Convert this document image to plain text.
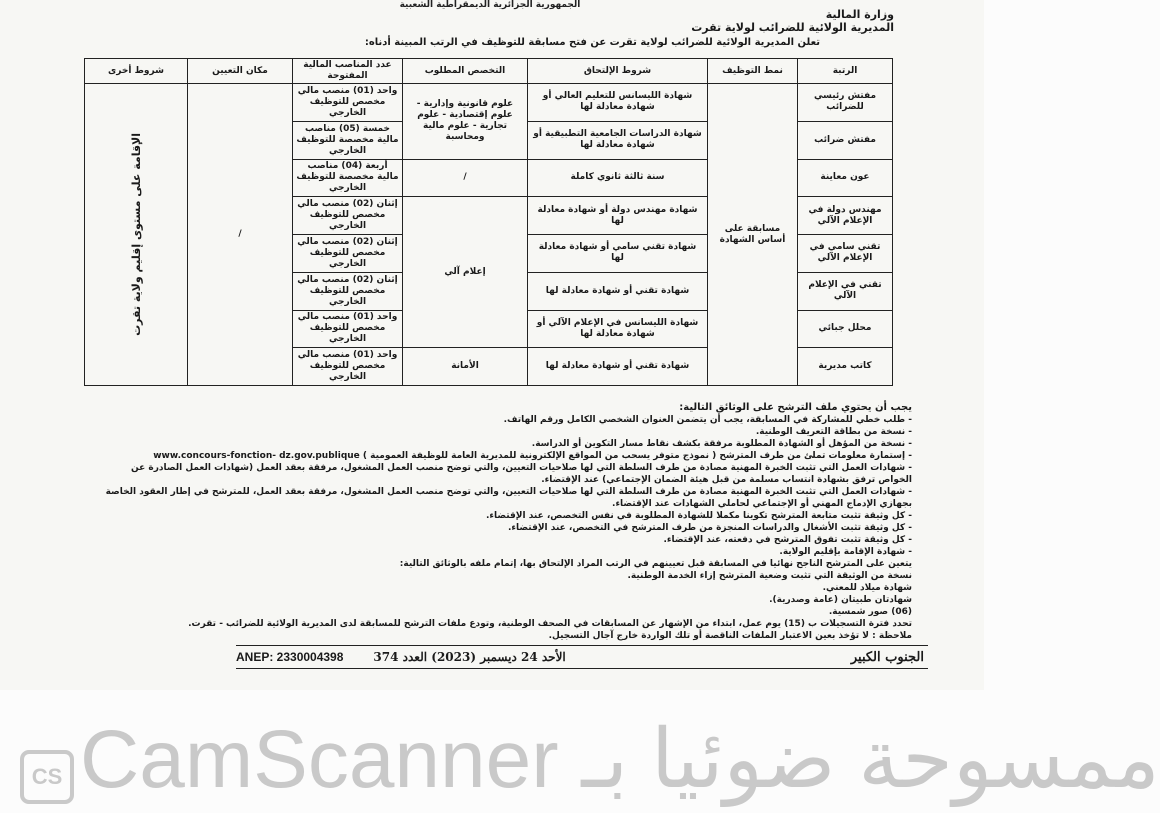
الجمهورية الجزائرية الديمقراطية الشعبية
وزارة المالية
المديرية الولائية للضرائب لولاية تقرت
تعلن المديرية الولائية للضرائب لولاية تقرت عن فتح مسابقة للتوظيف في الرتب المبينة أدناه:
الرتبة	نمط التوظيف	شروط الإلتحاق	التخصص المطلوب	عدد المناصب المالية المفتوحة	مكان التعيين	شروط أخرى
مفتش رئيسي للضرائب	مسابقة على أساس الشهادة	شهادة الليسانس للتعليم العالي أو شهادة معادلة لها	علوم قانونية وإدارية - علوم إقتصادية - علوم تجارية - علوم مالية ومحاسبة	واحد (01) منصب مالي مخصص للتوظيف الخارجي	/	الإقامة على مستوى إقليم ولاية تقرت

مفتش ضرائب		شهادة الدراسات الجامعية التطبيقية أو شهادة معادلة لها		خمسة (05) مناصب مالية مخصصة للتوظيف الخارجي		
عون معاينة		سنة ثالثة ثانوي كاملة	/	أربعة (04) مناصب مالية مخصصة للتوظيف الخارجي		
مهندس دولة في الإعلام الآلي		شهادة مهندس دولة أو شهادة معادلة لها	إعلام آلي	إثنان (02) منصب مالي مخصص للتوظيف الخارجي		
تقني سامي في الإعلام الآلي		شهادة تقني سامي أو شهادة معادلة لها		إثنان (02) منصب مالي مخصص للتوظيف الخارجي		
تقني في الإعلام الآلي		شهادة تقني أو شهادة معادلة لها		إثنان (02) منصب مالي مخصص للتوظيف الخارجي		
محلل جبائي		شهادة الليسانس في الإعلام الآلي أو شهادة معادلة لها		واحد (01) منصب مالي مخصص للتوظيف الخارجي		
كاتب مديرية		شهادة تقني أو شهادة معادلة لها	الأمانة	واحد (01) منصب مالي مخصص للتوظيف الخارجي		
يجب أن يحتوي ملف الترشح على الوثائق التالية:
- طلب خطي للمشاركة في المسابقة، يجب أن يتضمن العنوان الشخصي الكامل ورقم الهاتف.
- نسخة من بطاقة التعريف الوطنية.
- نسخة من المؤهل أو الشهادة المطلوبة مرفقة بكشف نقاط مسار التكوين أو الدراسة.
- إستمارة معلومات تملئ من طرف المترشح ( نموذج متوفر يسحب من المواقع الإلكترونية للمديرية العامة للوظيفة العمومية ) www.concours-fonction- dz.gov.publique
- شهادات العمل التي تثبت الخبرة المهنية مصادة من طرف السلطة التي لها صلاحيات التعيين، والتي توضح منصب العمل المشغول، مرفقة بعقد العمل (شهادات العمل الصادرة عن الخواص ترفق بشهادة انتساب مسلمة من قبل هيئة الضمان الإجتماعي) عند الإقتضاء.
- شهادات العمل التي تثبت الخبرة المهنية مصادة من طرف السلطة التي لها صلاحيات التعيين، والتي توضح منصب العمل المشغول، مرفقة بعقد العمل، للمترشح في إطار العقود الخاصة بجهازي الإدماج المهني أو الإجتماعي لحاملي الشهادات عند الإقتضاء.
- كل وثيقة تثبت متابعة المترشح تكوينا مكملا للشهادة المطلوبة في نفس التخصص، عند الإقتضاء.
- كل وثيقة تثبت الأشغال والدراسات المنجزة من طرف المترشح في التخصص، عند الإقتضاء.
- كل وثيقة تثبت تفوق المترشح في دفعته، عند الإقتضاء.
- شهادة الإقامة بإقليم الولاية.
يتعين على المترشح الناجح نهائيا في المسابقة قبل تعيينهم في الرتب المراد الإلتحاق بها، إتمام ملفه بالوثائق التالية:
نسخة من الوثيقة التي تثبت وضعية المترشح إزاء الخدمة الوطنية.
شهادة ميلاد للمعني.
شهادتان طبيتان (عامة وصدرية).
(06) صور شمسية.
تحدد فترة التسجيلات ب (15) يوم عمل، ابتداء من الإشهار عن المسابقات في الصحف الوطنية، وتودع ملفات الترشح للمسابقة لدى المديرية الولائية للضرائب - تقرت.
ملاحظة : لا تؤخذ بعين الاعتبار الملفات الناقصة أو تلك الواردة خارج آجال التسجيل.
الجنوب الكبير
الأحد 24 ديسمبر (2023) العدد 374
ANEP: 2330004398
CS CamScanner ممسوحة ضوئيا بـ
